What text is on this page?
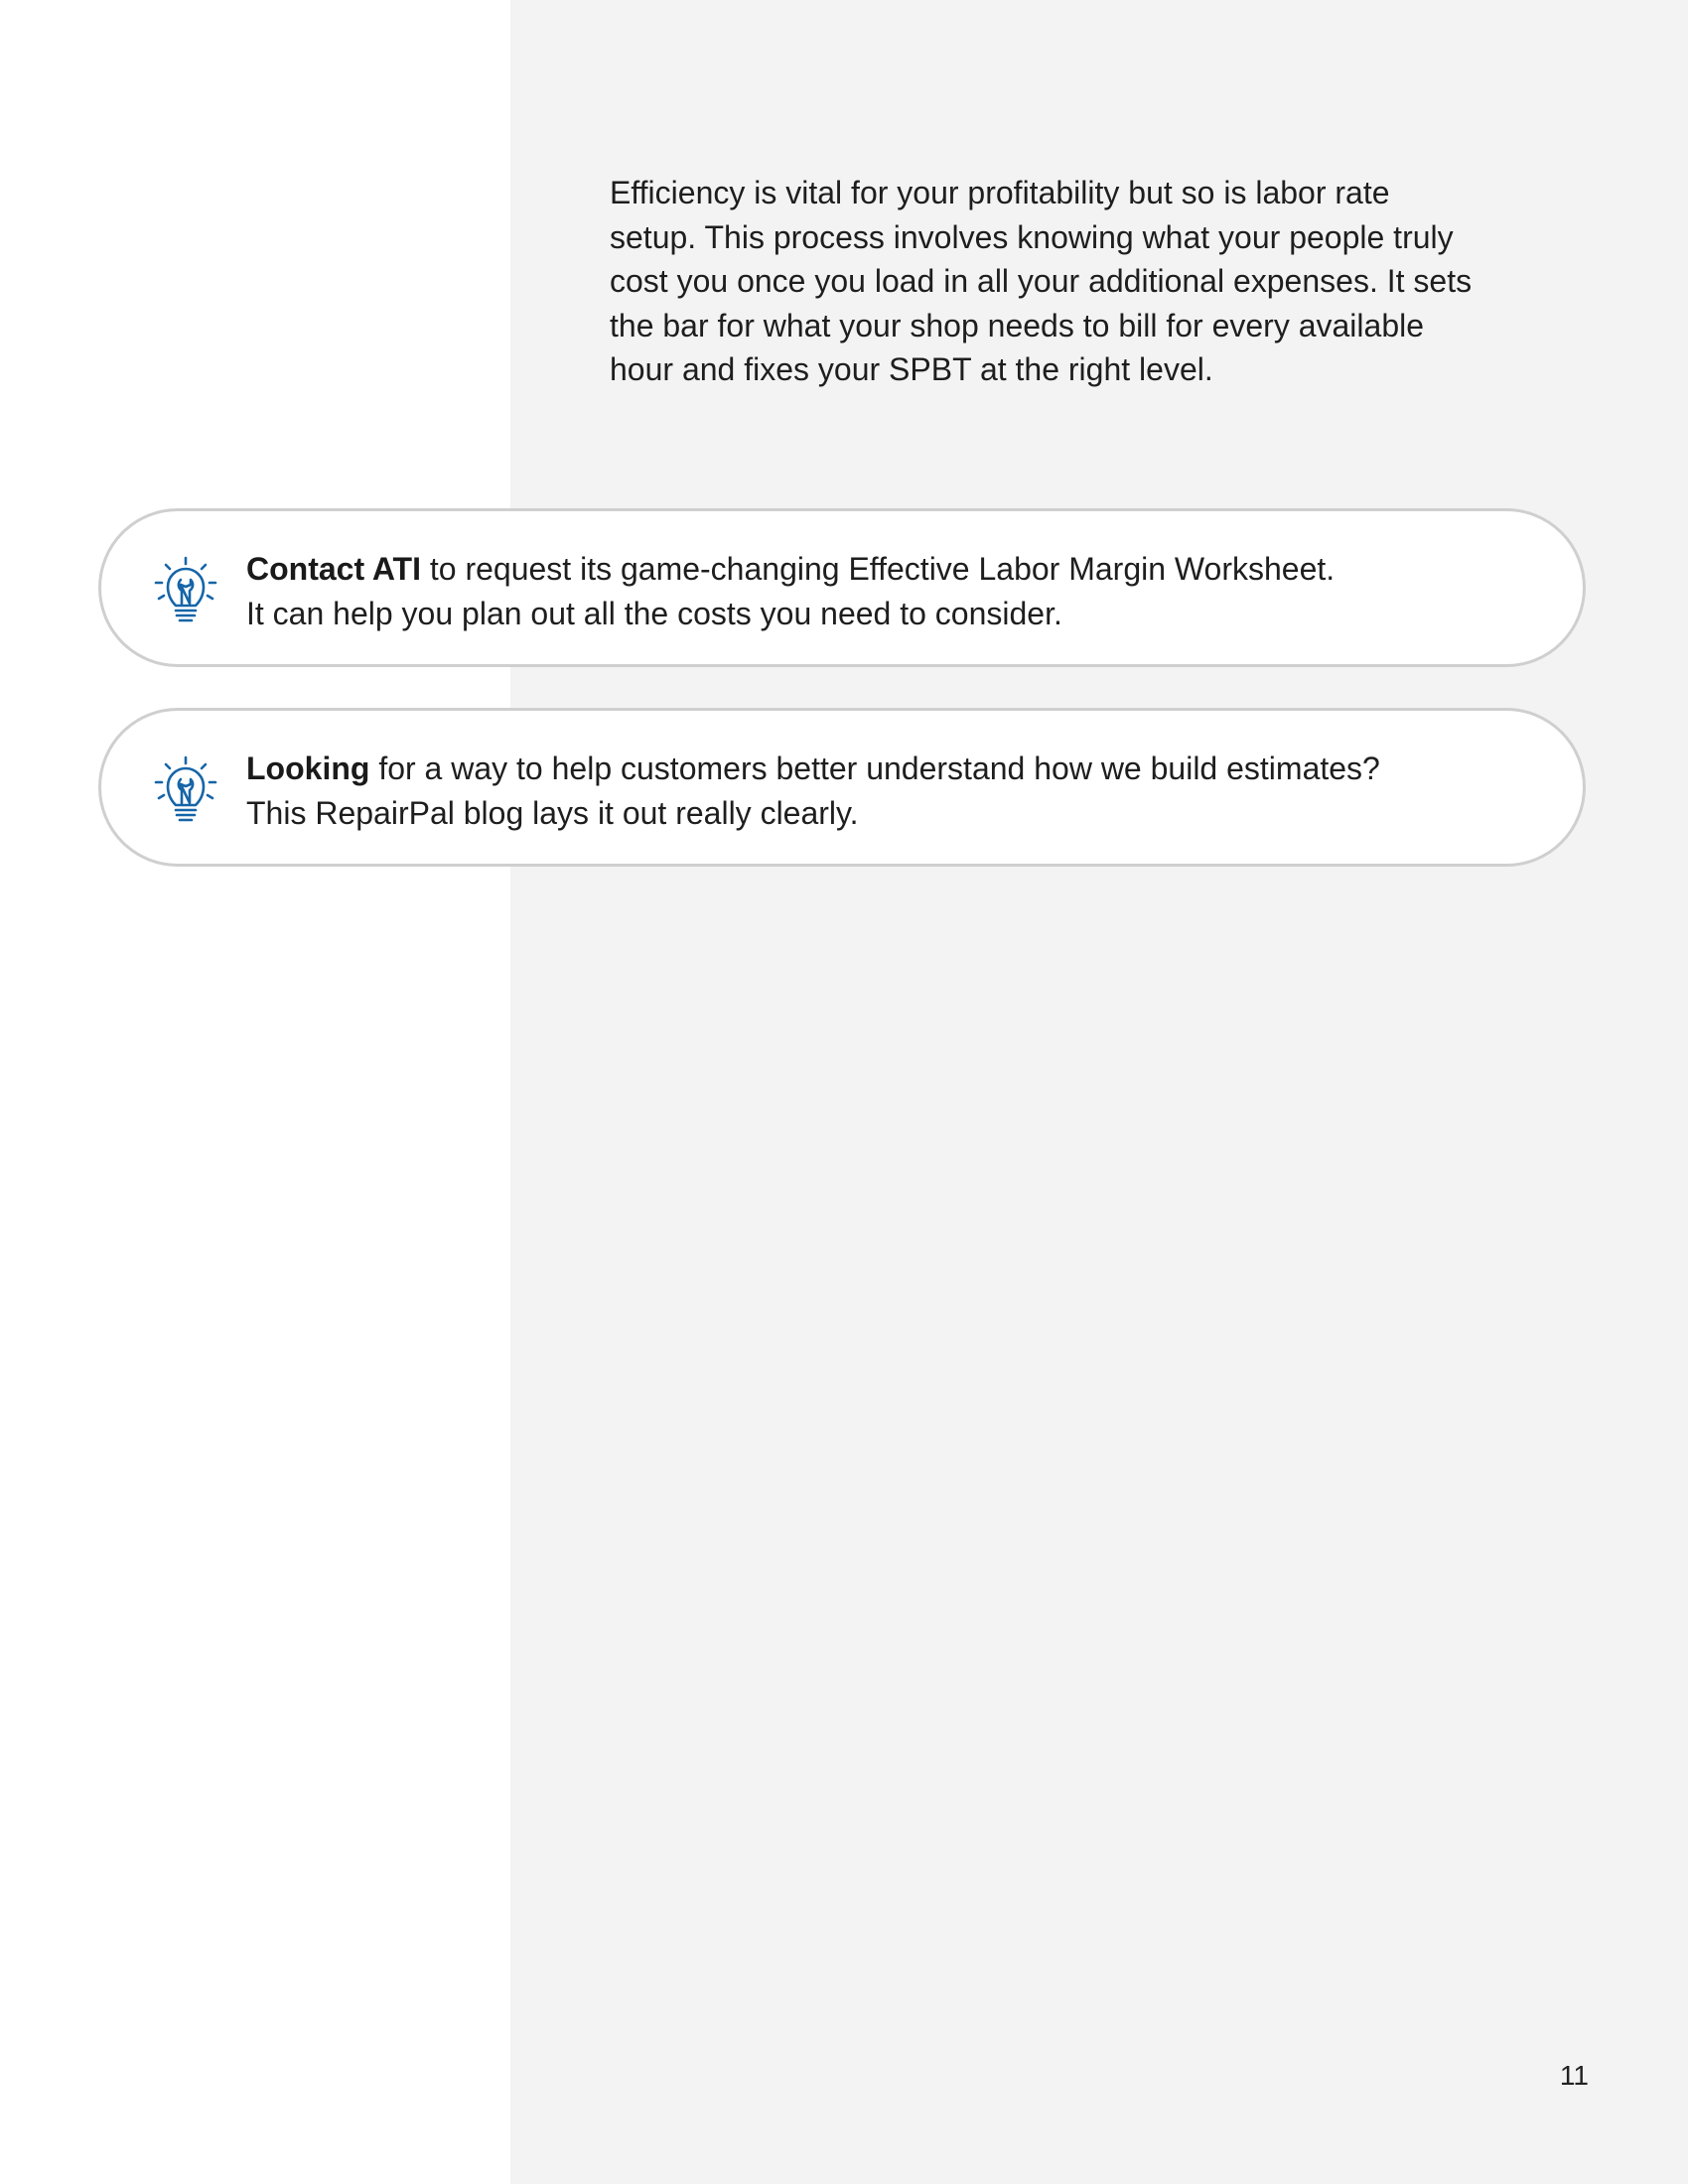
Efficiency is vital for your profitability but so is labor rate setup. This process involves knowing what your people truly cost you once you load in all your additional expenses. It sets the bar for what your shop needs to bill for every available hour and fixes your SPBT at the right level.

Contact ATI to request its game-changing Effective Labor Margin Worksheet.
It can help you plan out all the costs you need to consider.

Looking for a way to help customers better understand how we build estimates?
This RepairPal blog lays it out really clearly.

11
